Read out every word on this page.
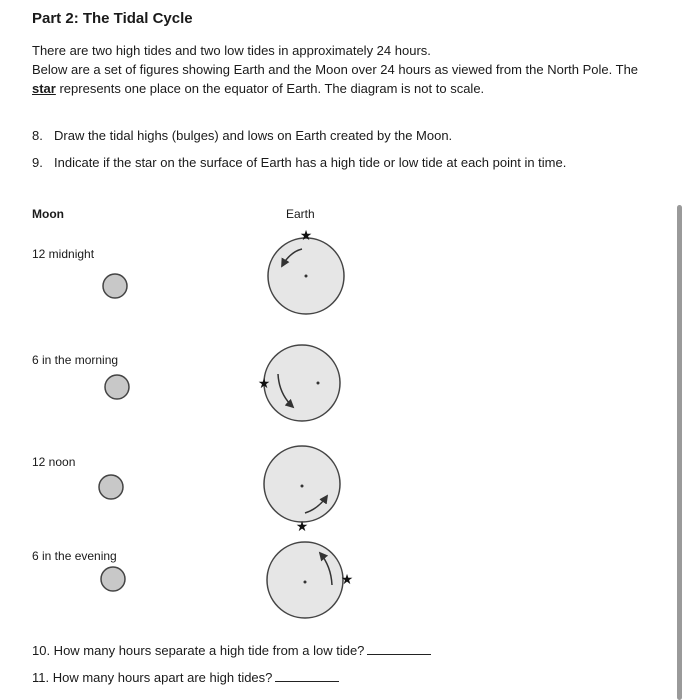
Part 2: The Tidal Cycle

There are two high tides and two low tides in approximately 24 hours.

Below are a set of figures showing Earth and the Moon over 24 hours as viewed from the North Pole. The star represents one place on the equator of Earth. The diagram is not to scale.

8. Draw the tidal highs (bulges) and lows on Earth created by the Moon.
9. Indicate if the star on the surface of Earth has a high tide or low tide at each point in time.
Moon	Earth
12 midnight
6 in the morning
12 noon
6 in the evening
★
★
★
★
10. How many hours separate a high tide from a low tide?
11. How many hours apart are high tides?
